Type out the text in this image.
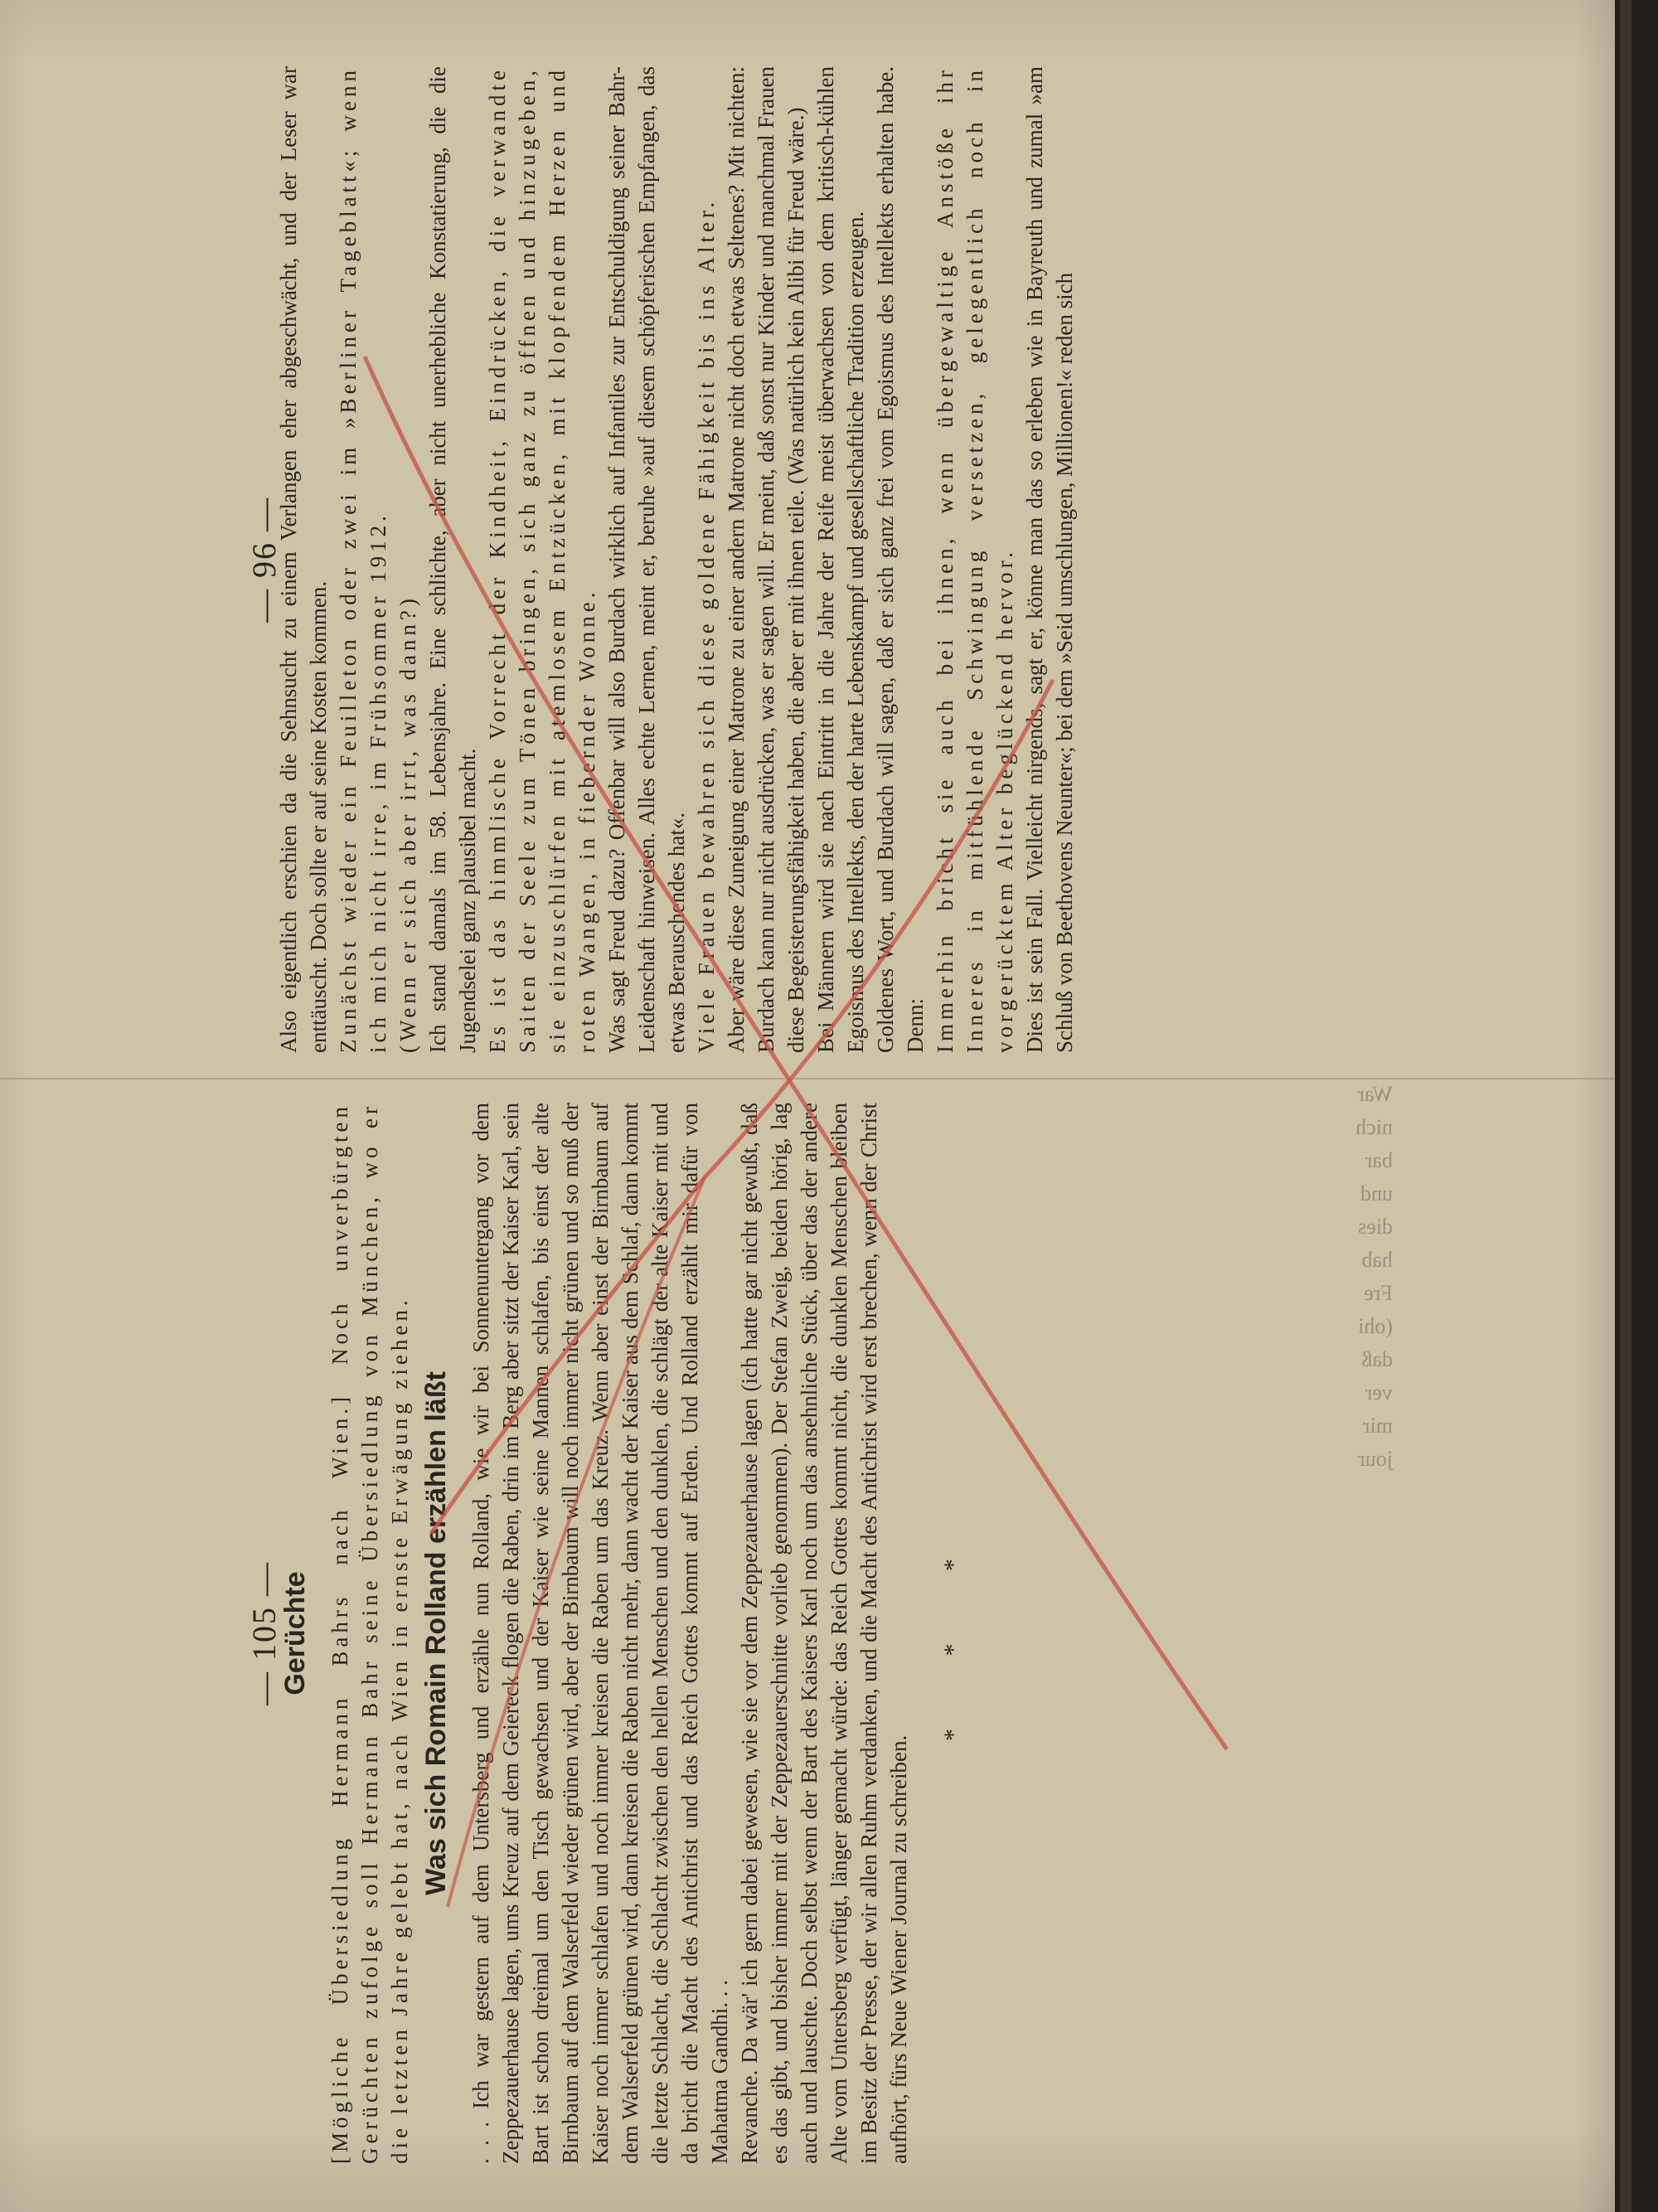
— 96 —

Also eigentlich erschien da die Sehnsucht zu einem Verlangen eher abgeschwächt, und der Leser war enttäuscht. Doch sollte er auf seine Kosten kommen. Zunächst wieder ein Feuilleton oder zwei im »Berliner Tageblatt«; wenn ich mich nicht irre, im Frühsommer 1912. (Wenn er sich aber irrt, was dann?) Ich stand damals im 58. Lebensjahre. Eine schlichte, aber nicht unerhebliche Konstatierung, die die Jugendselei ganz plausibel macht. Es ist das himmlische Vorrecht der Kindheit, Eindrücken, die verwandte Saiten der Seele zum Tönen bringen, sich ganz zu öffnen und hinzugeben, sie einzuschlürfen mit atemlosem Entzücken, mit klopfendem Herzen und roten Wangen, in fiebernder Wonne. Was sagt Freud dazu? Offenbar will also Burdach wirklich auf Infantiles zur Entschuldigung seiner Bahr-Leidenschaft hinweisen. Alles echte Lernen, meint er, beruhe »auf diesem schöpferischen Empfangen, das etwas Berauschendes hat«. Viele Frauen bewahren sich diese goldene Fähigkeit bis ins Alter. Aber wäre diese Zuneigung einer Matrone zu einer andern Matrone nicht doch etwas Seltenes? Mit nichten: Burdach kann nur nicht ausdrücken, was er sagen will. Er meint, daß sonst nur Kinder und manchmal Frauen diese Begeisterungsfähigkeit haben, die aber er mit ihnen teile. (Was natürlich kein Alibi für Freud wäre.) Bei Männern wird sie nach Eintritt in die Jahre der Reife meist überwachsen von dem kritisch-kühlen Egoismus des Intellekts, den der harte Lebenskampf und gesellschaftliche Tradition erzeugen. Goldenes Wort, und Burdach will sagen, daß er sich ganz frei vom Egoismus des Intellekts erhalten habe. Denn: Immerhin bricht sie auch bei ihnen, wenn übergewaltige Anstöße ihr Inneres in mitfühlende Schwingung versetzen, gelegentlich noch in vorgerücktem Alter beglückend hervor. Dies ist sein Fall. Vielleicht nirgends, sagt er, könne man das so erleben wie in Bayreuth und zumal »am Schluß von Beethovens Neunter«; bei dem »Seid umschlungen, Millionen!« reden sich

— 105 —
Gerüchte [Mögliche Übersiedlung Hermann Bahrs nach Wien.] Noch unverbürgten Gerüchten zufolge soll Hermann Bahr seine Übersiedlung von München, wo er die letzten Jahre gelebt hat, nach Wien in ernste Erwägung ziehen. Was sich Romain Rolland erzählen läßt . . . Ich war gestern auf dem Untersberg und erzähle nun Rolland, wie wir bei Sonnenuntergang vor dem Zeppezauerhause lagen, ums Kreuz auf dem Geiereck flogen die Raben, drin im Berg aber sitzt der Kaiser Karl, sein Bart ist schon dreimal um den Tisch gewachsen und der Kaiser wie seine Mannen schlafen, bis einst der alte Birnbaum auf dem Walserfeld wieder grünen wird, aber der Birnbaum will noch immer nicht grünen und so muß der Kaiser noch immer schlafen und noch immer kreisen die Raben um das Kreuz. Wenn aber einst der Birnbaum auf dem Walserfeld grünen wird, dann kreisen die Raben nicht mehr, dann wacht der Kaiser aus dem Schlaf, dann kommt die letzte Schlacht, die Schlacht zwischen den hellen Menschen und den dunklen, die schlägt der alte Kaiser mit und da bricht die Macht des Antichrist und das Reich Gottes kommt auf Erden. Und Rolland erzählt mir dafür von Mahatma Gandhi. . . Revanche. Da wär' ich gern dabei gewesen, wie sie vor dem Zeppezauerhause lagen (ich hatte gar nicht gewußt, daß es das gibt, und bisher immer mit der Zeppezauerschnitte vorlieb genommen). Der Stefan Zweig, beiden hörig, lag auch und lauschte. Doch selbst wenn der Bart des Kaisers Karl noch um das ansehnliche Stück, über das der andere Alte vom Untersberg verfügt, länger gemacht würde: das Reich Gottes kommt nicht, die dunklen Menschen bleiben im Besitz der Presse, der wir allen Ruhm verdanken, und die Macht des Antichrist wird erst brechen, wenn der Christ aufhört, fürs Neue Wiener Journal zu schreiben.

* * *
War
nich
bar
und
dies
hab
Fre
(ohi
daß
ver
mir
jour
